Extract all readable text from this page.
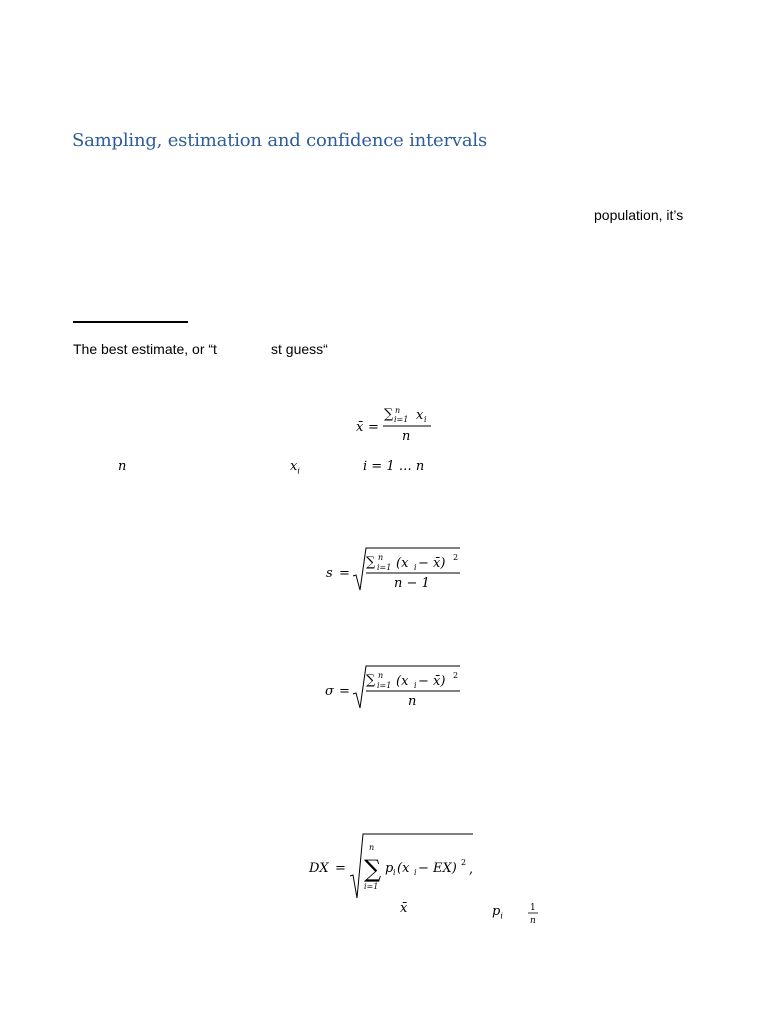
Sampling, estimation and confidence intervals
population, it’s
The best estimate, or “t	st guess“
x̄ =
∑ i=1
n x i
n
n	$x_i$	i = 1 … n
s =
∑ i=1
n (x i − x̄) 2
n − 1
σ =
∑ i=1
n (x i − x̄) 2
n
DX =
n
∑
i=1
p i (x i − EX) 2 ,
x̄	$p_i$
1
n
